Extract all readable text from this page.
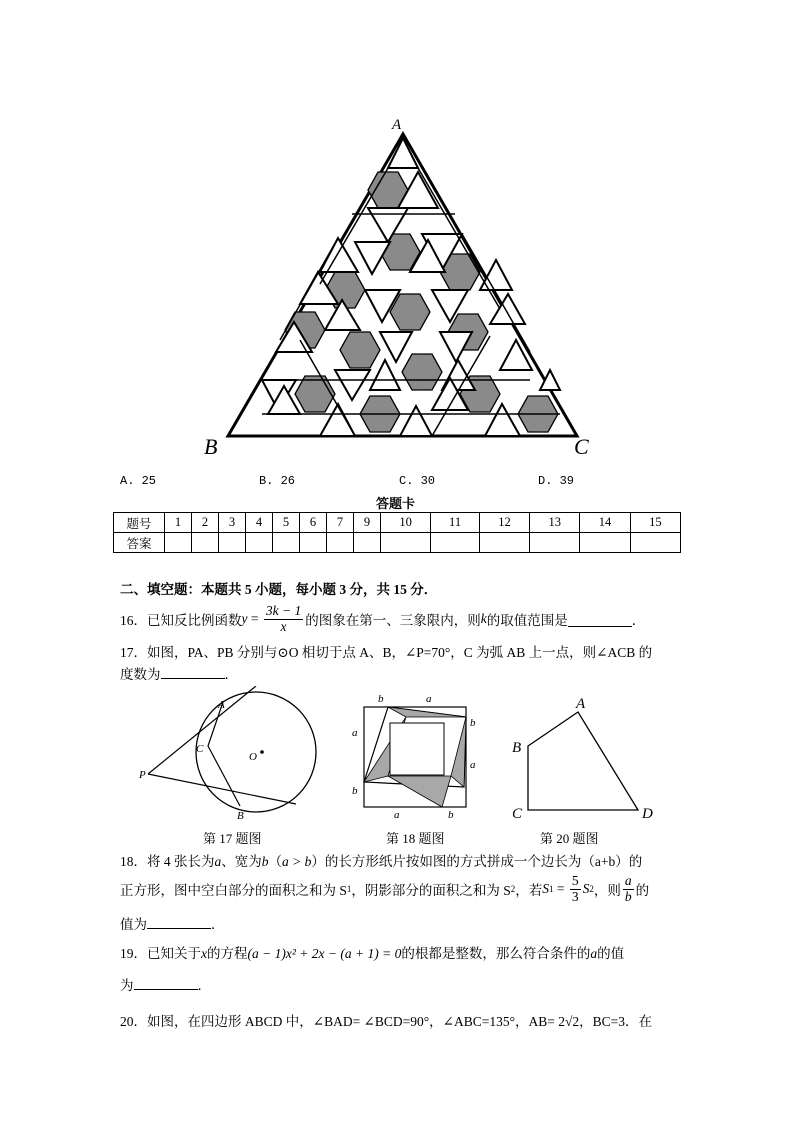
A
B	C
A. 25	B. 26	C. 30	D. 39
答题卡
题号	1	2	3	4	5	6	7	9	10	11	12	13	14	15
答案														
二、填空题：本题共 5 小题，每小题 3 分，共 15 分．
16．已知反比例函数 $y = \frac{3k - 1}{x}$ 的图象在第一、三象限内，则 k 的取值范围是	．
17．如图，PA、PB 分别与⊙O 相切于点 A、B，∠P=70°，C 为弧 AB 上一点，则∠ACB 的
度数为	．
A
B
C
O
P
第 17 题图
b	a
a
b
b
a
a	b
第 18 题图
A
B
C	D
第 20 题图
18．将 4 张长为a、宽为b（a > b）的长方形纸片按如图的方式拼成一个边长为（a+b）的
正方形，图中空白部分的面积之和为 S 1 ，阴影部分的面积之和为 S 2 ，若 S $1 = \frac{5}{3}$ S 2 ，则 $\frac{a}{b}$ 的
值为	．
19．已知关于x的方程(a − 1)x² + 2x − (a + 1) = 0的根都是整数，那么符合条件的a的值
为	．
20．如图，在四边形 ABCD 中，∠BAD= ∠BCD=90°，∠ABC=135°，AB= 2√2，BC=3．在
